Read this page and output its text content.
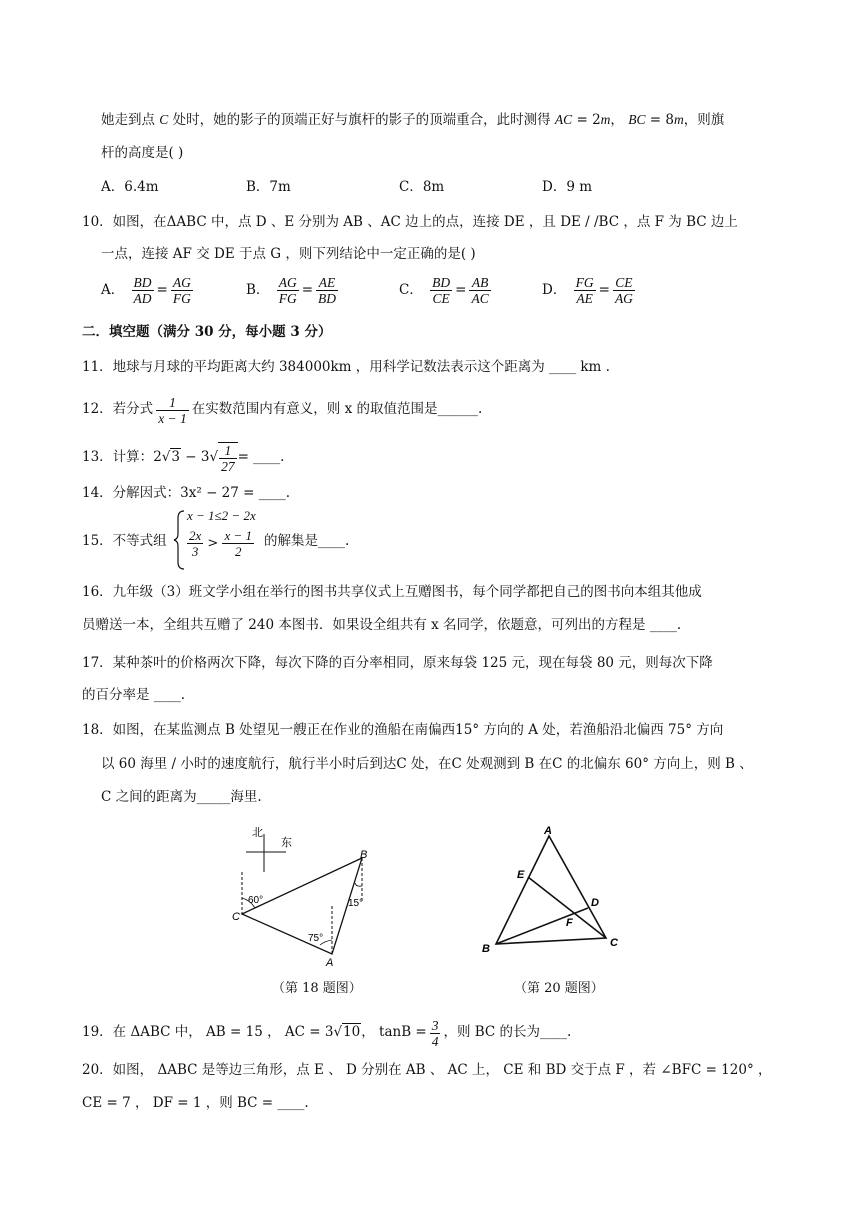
她走到点 C 处时，她的影子的顶端正好与旗杆的影子的顶端重合，此时测得 AC = 2m， BC = 8m，则旗
杆的高度是( )
A．6.4m	B．7m	C．8m	D．9 m
10．如图，在ΔABC 中，点 D 、E 分别为 AB 、AC 边上的点，连接 DE ，且 DE / /BC ，点 F 为 BC 边上
一点，连接 AF 交 DE 于点 G ，则下列结论中一定正确的是( )
A． $\frac{BD}{AD} = \frac{AG}{FG}$	B． $\frac{AG}{FG} = \frac{AE}{BD}$	C． $\frac{BD}{CE} = \frac{AB}{AC}$	D． $\frac{FG}{AE} = \frac{CE}{AG}$
二．填空题（满分 30 分，每小题 3 分）
11．地球与月球的平均距离大约 384000km ，用科学记数法表示这个距离为 ____ km .
12．若分式 $\frac{1}{x - 1}$ 在实数范围内有意义，则 x 的取值范围是______.
13．计算：$2√3 - 3√ \frac{1}{27}$ = ____.
14．分解因式：3x² − 27 = ____.
15．不等式组
x − 1≤2 − 2x
$\frac{2x}{3} > \frac{x - 1}{2}$ 的解集是____.
16．九年级（3）班文学小组在举行的图书共享仪式上互赠图书，每个同学都把自己的图书向本组其他成
员赠送一本，全组共互赠了 240 本图书．如果设全组共有 x 名同学，依题意，可列出的方程是 ____.
17．某种茶叶的价格两次下降，每次下降的百分率相同，原来每袋 125 元，现在每袋 80 元，则每次下降
的百分率是 ____.
18．如图，在某监测点 B 处望见一艘正在作业的渔船在南偏西15° 方向的 A 处，若渔船沿北偏西 75° 方向
以 60 海里 / 小时的速度航行，航行半小时后到达C 处，在C 处观测到 B 在C 的北偏东 60° 方向上，则 B 、
C 之间的距离为_____海里.
北
东
60°
75°
15°
B
C
A
（第 18 题图）
A
E
D
F
B	C
（第 20 题图）
19．在 ΔABC 中， AB = 15 ， AC = 3√10， $\tan B = \frac{3}{4}$ ，则 BC 的长为____.
20．如图， ΔABC 是等边三角形，点 E 、 D 分别在 AB 、 AC 上， CE 和 BD 交于点 F ，若 ∠BFC = 120° ，
CE = 7 ， DF = 1 ，则 BC = ____.
